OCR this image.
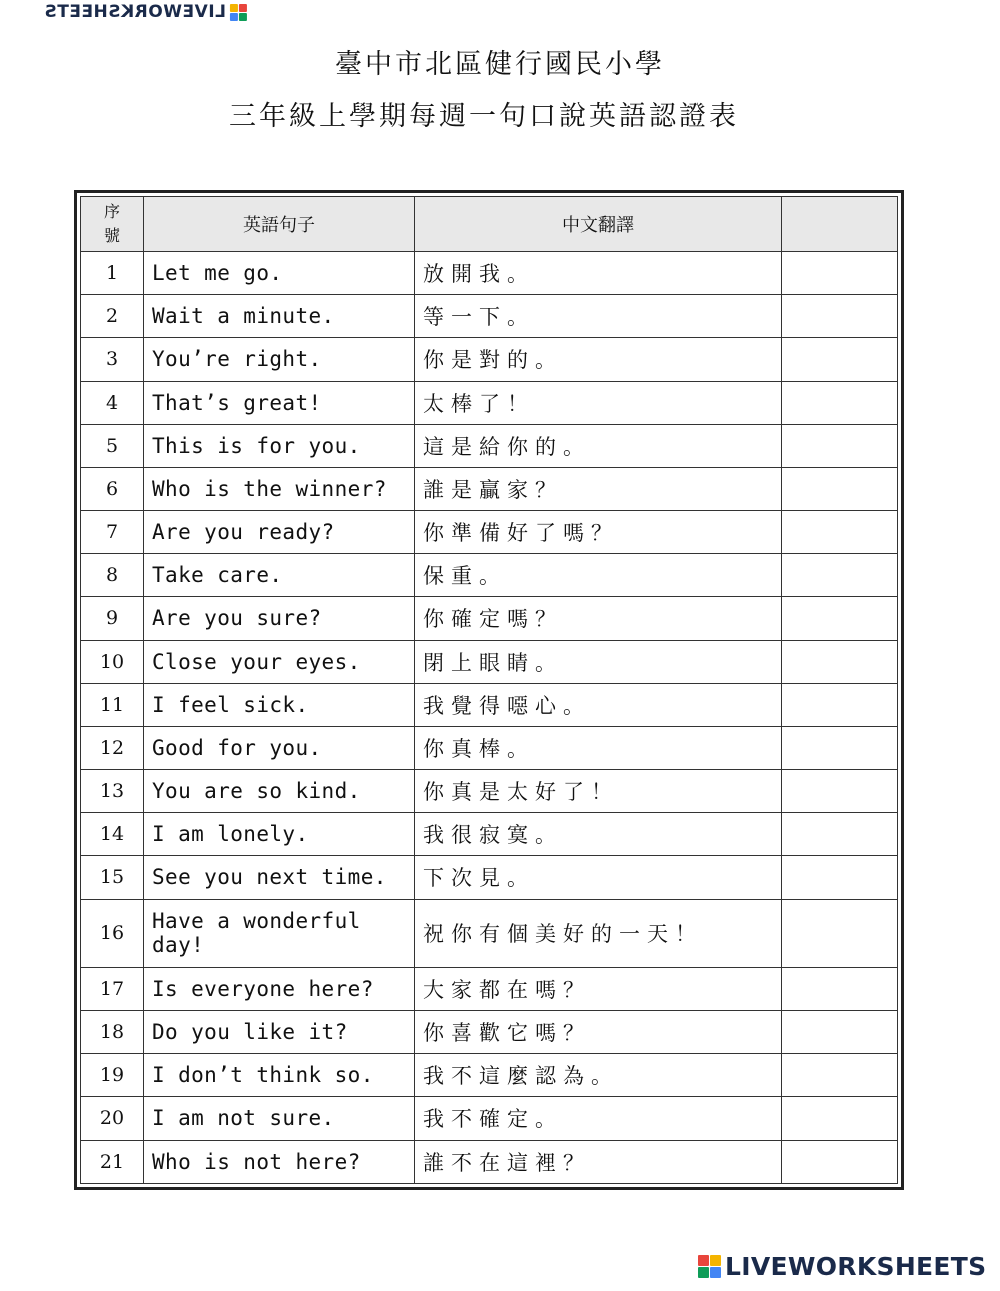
LIVEWORKSHEETS
臺中市北區健行國民小學
三年級上學期每週一句口說英語認證表
序
號	英語句子	中文翻譯	
1	Let me go.	放開我。	
2	Wait a minute.	等一下。	
3	You’re right.	你是對的。	
4	That’s great!	太棒了！	
5	This is for you.	這是給你的。	
6	Who is the winner?	誰是贏家？	
7	Are you ready?	你準備好了嗎？	
8	Take care.	保重。	
9	Are you sure?	你確定嗎？	
10	Close your eyes.	閉上眼睛。	
11	I feel sick.	我覺得噁心。	
12	Good for you.	你真棒。	
13	You are so kind.	你真是太好了！	
14	I am lonely.	我很寂寞。	
15	See you next time.	下次見。	
16	Have a wonderful day!	祝你有個美好的一天！	
17	Is everyone here?	大家都在嗎？	
18	Do you like it?	你喜歡它嗎？	
19	I don’t think so.	我不這麼認為。	
20	I am not sure.	我不確定。	
21	Who is not here?	誰不在這裡？	
LIVEWORKSHEETS
